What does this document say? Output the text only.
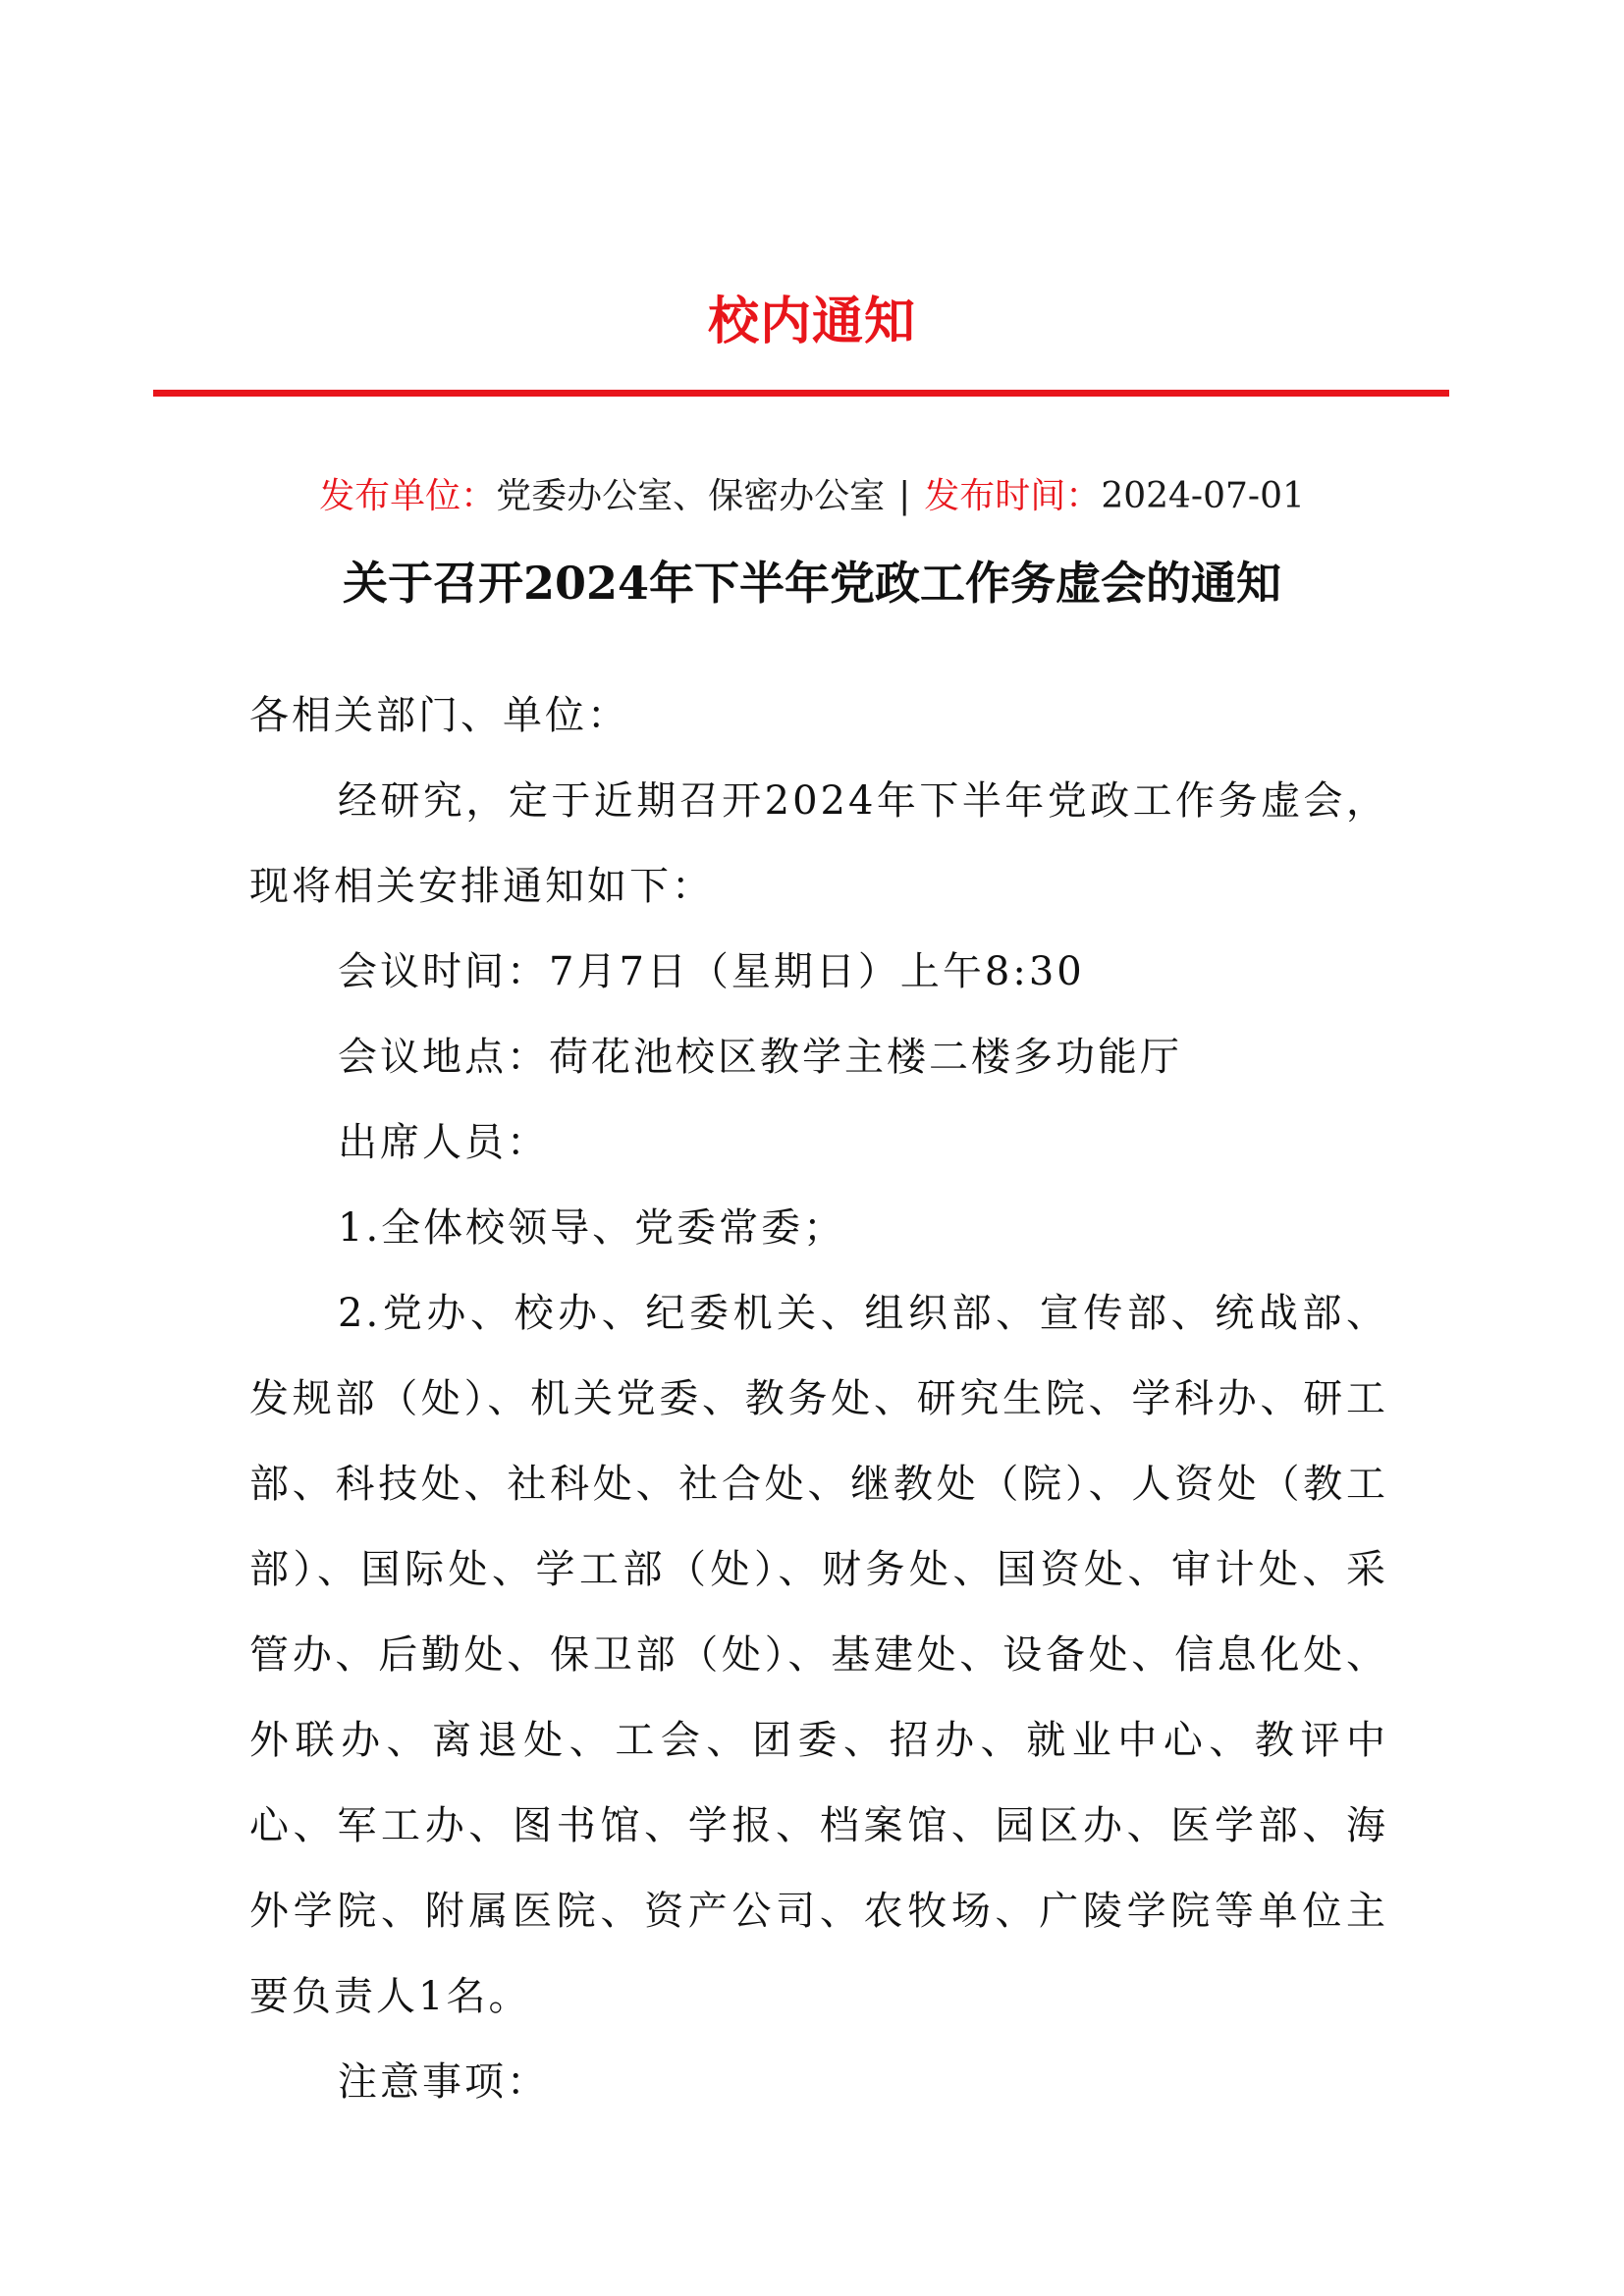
校内通知
发布单位：党委办公室、保密办公室 | 发布时间：2024-07-01
关于召开2024年下半年党政工作务虚会的通知

各相关部门、单位：

经研究，定于近期召开2024年下半年党政工作务虚会，现将相关安排通知如下：

会议时间：7月7日（星期日）上午8:30

会议地点：荷花池校区教学主楼二楼多功能厅

出席人员：

1.全体校领导、党委常委；

2.党办、校办、纪委机关、组织部、宣传部、统战部、发规部（处）、机关党委、教务处、研究生院、学科办、研工部、科技处、社科处、社合处、继教处（院）、人资处（教工部）、国际处、学工部（处）、财务处、国资处、审计处、采管办、后勤处、保卫部（处）、基建处、设备处、信息化处、外联办、离退处、工会、团委、招办、就业中心、教评中心、军工办、图书馆、学报、档案馆、园区办、医学部、海外学院、附属医院、资产公司、农牧场、广陵学院等单位主要负责人1名。

注意事项：
